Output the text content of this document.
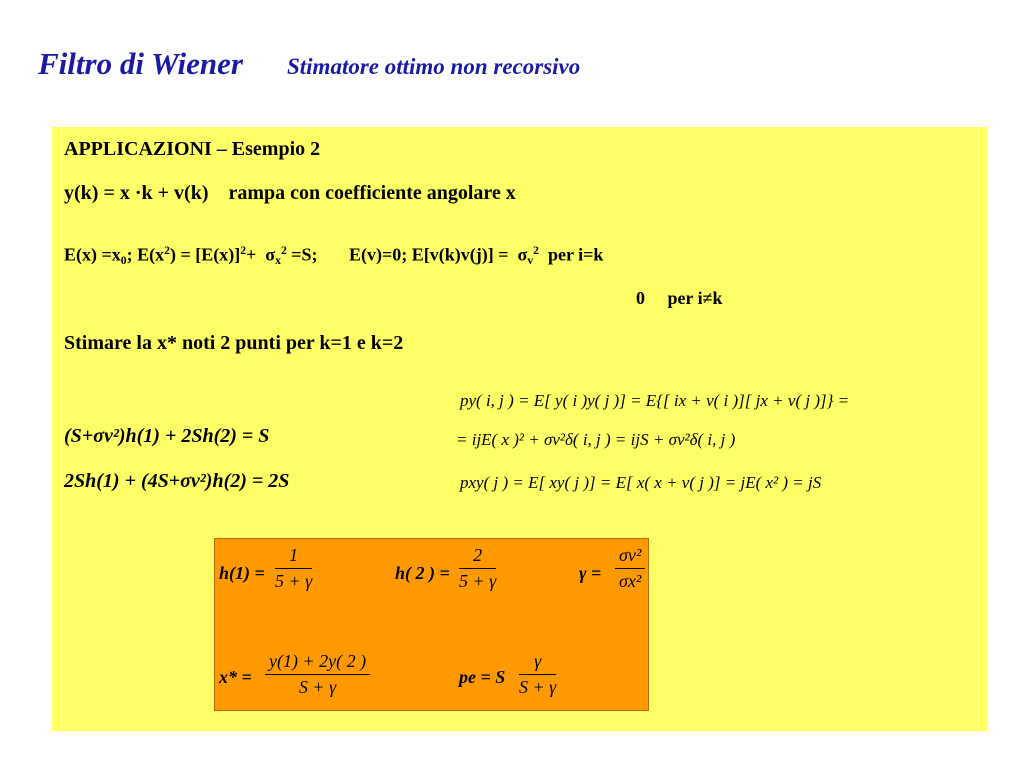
Filtro di Wiener Stimatore ottimo non recorsivo
APPLICAZIONI – Esempio 2
y(k) = x ·k + v(k)    rampa con coefficiente angolare x
$E(x) =x_0$; $E(x^2) = [E(x)]^2+ \sigma_x^2 =S$;       E(v)=0; $E[v(k)v(j)] = \sigma_v^2$  per i=k
0     per i≠k
Stimare la x* noti 2 punti per k=1 e k=2
(S+σv²)h(1) + 2Sh(2) = S
2Sh(1) + (4S+σv²)h(2) = 2S
py( i, j ) = E[ y( i )y( j )] = E{[ ix + v( i )][ jx + v( j )]} =
= ijE( x )² + σv²δ( i, j ) = ijS + σv²δ( i, j )
pxy( j ) = E[ xy( j )] = E[ x( x + v( j )] = jE( x² ) = jS
h(1) =
1
5 + γ	h( 2 ) =
2
5 + γ	γ =
σv²
σx²
x* =
y(1) + 2y( 2 )
S + γ	pe = S
γ
S + γ
